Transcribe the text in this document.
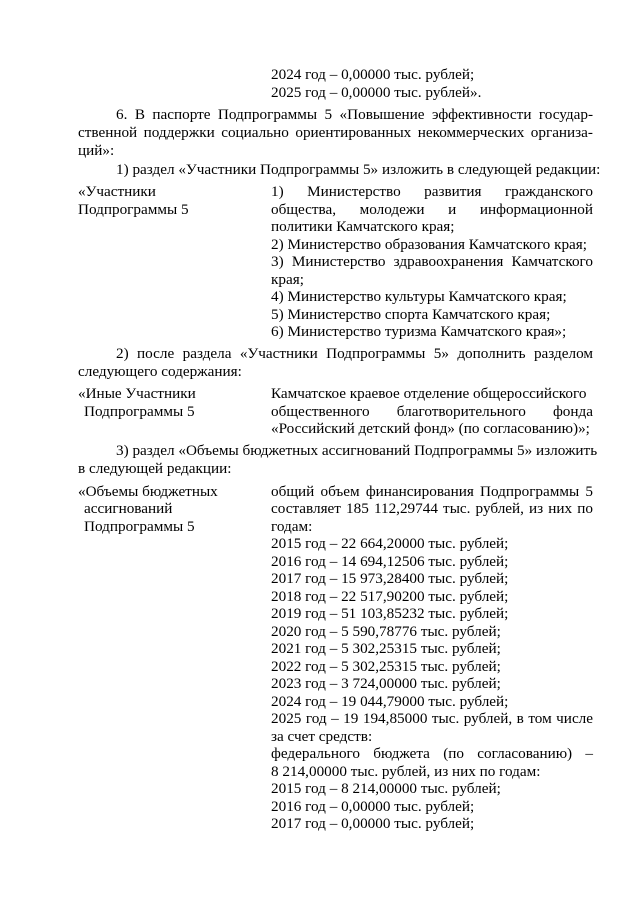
2024 год – 0,00000 тыс. рублей;
2025 год – 0,00000 тыс. рублей».
6. В паспорте Подпрограммы 5 «Повышение эффективности государ-
ственной поддержки социально ориентированных некоммерческих организа-
ций»:
1) раздел «Участники Подпрограммы 5» изложить в следующей редакции:
«Участники
Подпрограммы 5
1) Министерство развития гражданского
общества, молодежи и информационной
политики Камчатского края;
2) Министерство образования Камчатского края;
3) Министерство здравоохранения Камчатского
края;
4) Министерство культуры Камчатского края;
5) Министерство спорта Камчатского края;
6) Министерство туризма Камчатского края»;
2) после раздела «Участники Подпрограммы 5» дополнить разделом
следующего содержания:
«Иные Участники
Подпрограммы 5
Камчатское краевое отделение общероссийского
общественного благотворительного фонда
«Российский детский фонд» (по согласованию)»;
3) раздел «Объемы бюджетных ассигнований Подпрограммы 5» изложить
в следующей редакции:
«Объемы бюджетных
ассигнований
Подпрограммы 5
общий объем финансирования Подпрограммы 5
составляет 185 112,29744 тыс. рублей, из них по
годам:
2015 год – 22 664,20000 тыс. рублей;
2016 год – 14 694,12506 тыс. рублей;
2017 год – 15 973,28400 тыс. рублей;
2018 год – 22 517,90200 тыс. рублей;
2019 год – 51 103,85232 тыс. рублей;
2020 год – 5 590,78776 тыс. рублей;
2021 год – 5 302,25315 тыс. рублей;
2022 год – 5 302,25315 тыс. рублей;
2023 год – 3 724,00000 тыс. рублей;
2024 год – 19 044,79000 тыс. рублей;
2025 год – 19 194,85000 тыс. рублей, в том числе
за счет средств:
федерального бюджета (по согласованию) –
8 214,00000 тыс. рублей, из них по годам:
2015 год – 8 214,00000 тыс. рублей;
2016 год – 0,00000 тыс. рублей;
2017 год – 0,00000 тыс. рублей;
